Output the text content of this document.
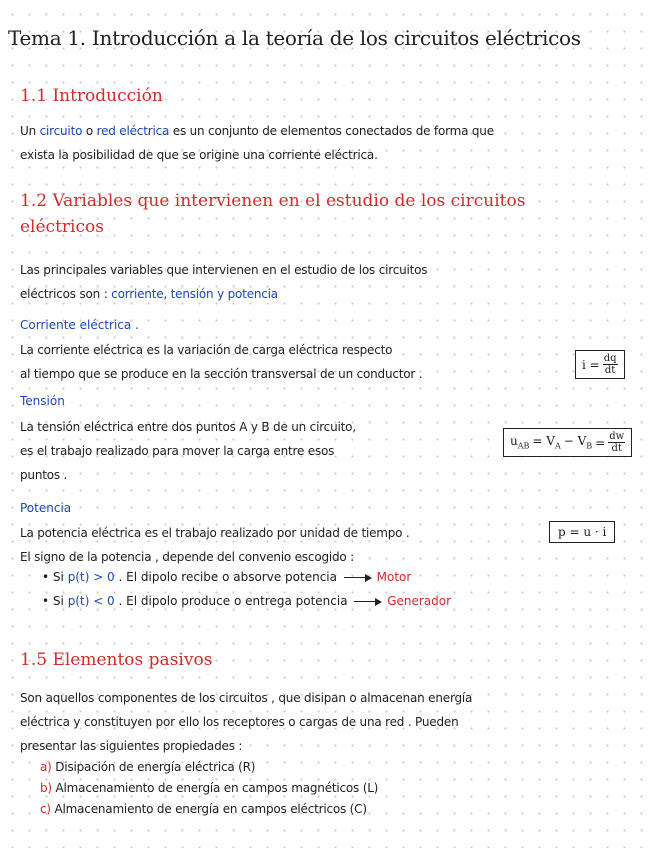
Tema 1. Introducción a la teoría de los circuitos eléctricos
1.1 Introducción
Un circuito o red eléctrica es un conjunto de elementos conectados de forma que
exista la posibilidad de que se origine una corriente eléctrica.
1.2 Variables que intervienen en el estudio de los circuitos
eléctricos
Las principales variables que intervienen en el estudio de los circuitos
eléctricos son : corriente, tensión y potencia
Corriente eléctrica .
La corriente eléctrica es la variación de carga eléctrica respecto
al tiempo que se produce en la sección transversal de un conductor .
$i = \frac{dq}{dt}$
Tensión
La tensión eléctrica entre dos puntos A y B de un circuito,
es el trabajo realizado para mover la carga entre esos
puntos .
$u_{AB} = V_A - V_B = \frac{dw}{dt}$
Potencia
La potencia eléctrica es el trabajo realizado por unidad de tiempo .
El signo de la potencia , depende del convenio escogido :
p = u · i
• Si p(t) > 0 . El dipolo recibe o absorve potencia	Motor
• Si p(t) < 0 . El dipolo produce o entrega potencia	Generador
1.5 Elementos pasivos
Son aquellos componentes de los circuitos , que disipan o almacenan energía
eléctrica y constituyen por ello los receptores o cargas de una red . Pueden
presentar las siguientes propiedades :
a) Disipación de energía eléctrica (R)
b) Almacenamiento de energía en campos magnéticos (L)
c) Almacenamiento de energía en campos eléctricos (C)
